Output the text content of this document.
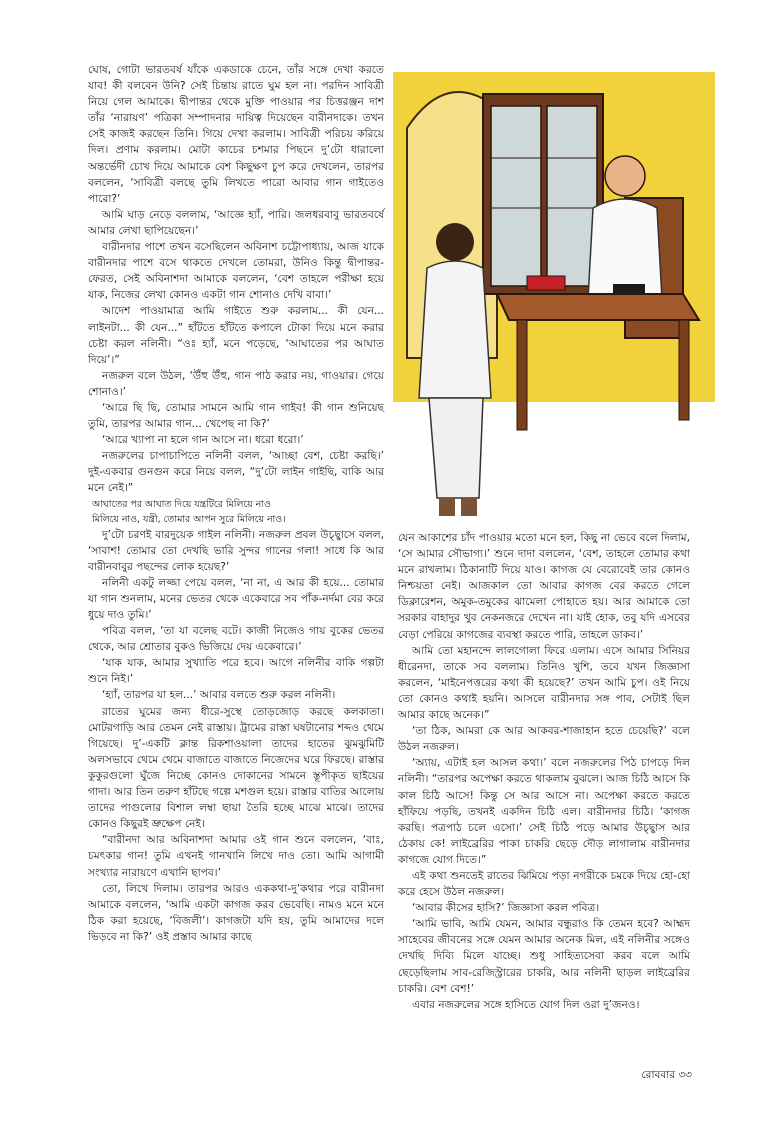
ঘোষ, গোটা ভারতবর্ষ যাঁকে একডাকে চেনে, তাঁর সঙ্গে দেখা করতে যাব! কী বলবেন উনি? সেই চিন্তায় রাতে ঘুম হল না। পরদিন সাবিত্রী নিয়ে গেল আমাকে। দ্বীপান্তর থেকে মুক্তি পাওয়ার পর চিত্তরঞ্জন দাশ তাঁর ‘নারায়ণ’ পত্রিকা সম্পাদনার দায়িত্ব দিয়েছেন বারীনদাকে। তখন সেই কাজই করছেন তিনি। গিয়ে দেখা করলাম। সাবিত্রী পরিচয় করিয়ে দিল। প্রণাম করলাম। মোটা কাচের চশমার পিছনে দু’টো ধারালো অন্তর্ভেদী চোখ দিয়ে আমাকে বেশ কিছুক্ষণ চুপ করে দেখলেন, তারপর বললেন, ‘সাবিত্রী বলছে তুমি লিখতে পারো আবার গান গাইতেও পারো?’

আমি ঘাড় নেড়ে বললাম, ‘আজ্ঞে হ্যাঁ, পারি। জলধরবাবু ভারতবর্ষে আমার লেখা ছাপিয়েছেন।’

বারীনদার পাশে তখন বসেছিলেন অবিনাশ চট্টোপাধ্যায়, আজ যাকে বারীনদার পাশে বসে থাকতে দেখলে তোমরা, উনিও কিন্তু দ্বীপান্তর-ফেরত, সেই অবিনাশদা আমাকে বললেন, ‘বেশ তাহলে পরীক্ষা হয়ে যাক, নিজের লেখা কোনও একটা গান শোনাও দেখি বাবা।’

আদেশ পাওয়ামাত্র আমি গাইতে শুরু করলাম... কী যেন... লাইনটা... কী যেন...” হাঁটতে হাঁটতে কপালে টোকা দিয়ে মনে করার চেষ্টা করল নলিনী। “ওঃ হ্যাঁ, মনে পড়েছে, ‘আঘাতের পর আঘাত দিয়ে’।”

নজরুল বলে উঠল, ‘উঁহু উঁহু, গান পাঠ করার নয়, গাওয়ার। গেয়ে শোনাও।’

‘আরে ছি ছি, তোমার সামনে আমি গান গাইব! কী গান শুনিয়েছ তুমি, তারপর আমার গান... খেপেছ না কি?’

‘আরে খ্যাপা না হলে গান আসে না। ধরো ধরো।’

নজরুলের চাপাচাপিতে নলিনী বলল, ‘আচ্ছা বেশ, চেষ্টা করছি।’ দুই-একবার গুনগুন করে নিয়ে বলল, “দু’টো লাইন গাইছি, বাকি আর মনে নেই।”

আঘাতের পর আঘাত দিয়ে যন্ত্রটিরে মিলিয়ে নাও

মিলিয়ে নাও, যন্ত্রী, তোমার আপন সুরে মিলিয়ে নাও।

দু’টো চরণই বারদুয়েক গাইল নলিনী। নজরুল প্রবল উচ্ছ্বাসে বলল, ‘সাবাশ! তোমার তো দেখছি ভারি সুন্দর গানের গলা! সাধে কি আর বারীনবাবুর পছন্দের লোক হয়েছ?’

নলিনী একটু লজ্জা পেয়ে বলল, ‘না না, এ আর কী হয়ে... তোমার যা গান শুনলাম, মনের ভেতর থেকে একেবারে সব পাঁক-নর্দমা বের করে ধুয়ে দাও তুমি।’

পবিত্র বলল, ‘তা যা বলেছ বটে। কাজী নিজেও গায় বুকের ভেতর থেকে, আর শ্রোতার বুকও ভিজিয়ে দেয় একেবারে।’

‘যাক যাক, আমার সুখ্যাতি পরে হবে। আগে নলিনীর বাকি গল্পটা শুনে নিই।’

‘হ্যাঁ, তারপর যা হল...’ আবার বলতে শুরু করল নলিনী।

রাতের ঘুমের জন্য ধীরে-সুস্থে তোড়জোড় করছে কলকাতা। মোটরগাড়ি আর তেমন নেই রাস্তায়। ট্রামের রাস্তা ঘষটানোর শব্দও থেমে গিয়েছে। দু’-একটি ক্লান্ত রিকশাওয়ালা তাদের হাতের ঝুমঝুমিটি অলসভাবে থেমে থেমে বাজাতে বাজাতে নিজেদের ঘরে ফিরছে। রাস্তার কুকুরগুলো ঘুঁজে নিচ্ছে কোনও দোকানের সামনে স্তূপীকৃত ছাইয়ের গাদা। আর তিন তরুণ হাঁটছে গল্পে মশগুল হয়ে। রাস্তার বাতির আলোয় তাদের পাগুলোর বিশাল লম্বা ছায়া তৈরি হচ্ছে মাঝে মাঝে। তাদের কোনও কিছুরই ভ্রুক্ষেপ নেই।

“বারীনদা আর অবিনাশদা আমার ওই গান শুনে বললেন, ‘বাঃ, চমৎকার গান! তুমি এখনই গানখানি লিখে দাও তো। আমি আগামী সংখ্যার নারায়ণে এখানি ছাপব।’

তো, লিখে দিলাম। তারপর আরও এককথা-দু’কথার পরে বারীনদা আমাকে বললেন, ‘আমি একটা কাগজ করব ভেবেছি। নামও মনে মনে ঠিক করা হয়েছে, ‘বিজলী’। কাগজটা যদি হয়, তুমি আমাদের দলে ভিড়বে না কি?’ ওই প্রস্তাব আমার কাছে

যেন আকাশের চাঁদ পাওয়ার মতো মনে হল, কিছু না ভেবে বলে দিলাম, ‘সে আমার সৌভাগ্য।’ শুনে দাদা বললেন, ‘বেশ, তাহলে তোমার কথা মনে রাখলাম। ঠিকানাটি দিয়ে যাও। কাগজ যে বেরোবেই তার কোনও নিশ্চয়তা নেই। আজকাল তো আবার কাগজ বের করতে গেলে ডিক্লারেশন, অমুক-তমুকের ঝামেলা পোহাতে হয়। আর আমাকে তো সরকার বাহাদুর খুব নেকনজরে দেখেন না। যাই হোক, তবু যদি এসবের বেড়া পেরিয়ে কাগজের ব্যবস্থা করতে পারি, তাহলে ডাকব।’

আমি তো মহানন্দে লালগোলা ফিরে এলাম। এসে আমার সিনিয়র ধীরেনদা, তাকে সব বললাম। তিনিও খুশি, তবে যখন জিজ্ঞাসা করলেন, ‘মাইনেপত্তরের কথা কী হয়েছে?’ তখন আমি চুপ। ওই নিয়ে তো কোনও কথাই হয়নি। আসলে বারীনদার সঙ্গ পাব, সেটাই ছিল আমার কাছে অনেক।”

‘তা ঠিক, আমরা কে আর আকবর-শাজাহান হতে চেয়েছি?’ বলে উঠল নজরুল।

‘অ্যায়, এটাই হল আসল কথা।’ বলে নজরুলের পিঠ চাপড়ে দিল নলিনী। “তারপর অপেক্ষা করতে থাকলাম বুঝলে। আজ চিঠি আসে কি কাল চিঠি আসে! কিন্তু সে আর আসে না। অপেক্ষা করতে করতে হাঁফিয়ে পড়ছি, তখনই একদিন চিঠি এল। বারীনদার চিঠি। ‘কাগজ করছি। পত্রপাঠ চলে এসো।’ সেই চিঠি পড়ে আমার উচ্ছ্বাস আর ঠেকায় কে! লাইব্রেরির পাকা চাকরি ছেড়ে দৌড় লাগালাম বারীনদার কাগজে যোগ দিতে।”

এই কথা শুনতেই রাতের ঝিমিয়ে পড়া নগরীকে চমকে দিয়ে হো-হো করে হেসে উঠল নজরুল।

‘আবার কীসের হাসি?’ জিজ্ঞাসা করল পবিত্র।

‘আমি ভাবি, আমি যেমন, আমার বন্ধুরাও কি তেমন হবে? আহ্মদ সাহেবের জীবনের সঙ্গে যেমন আমার অনেক মিল, এই নলিনীর সঙ্গেও দেখছি দিব্যি মিলে যাচ্ছে। শুধু সাহিত্যসেবা করব বলে আমি ছেড়েছিলাম সাব-রেজিস্ট্রারের চাকরি, আর নলিনী ছাড়ল লাইব্রেরির চাকরি। বেশ বেশ!’

এবার নজরুলের সঙ্গে হাসিতে যোগ দিল ওরা দু’জনও।

রোববার ৩৩
